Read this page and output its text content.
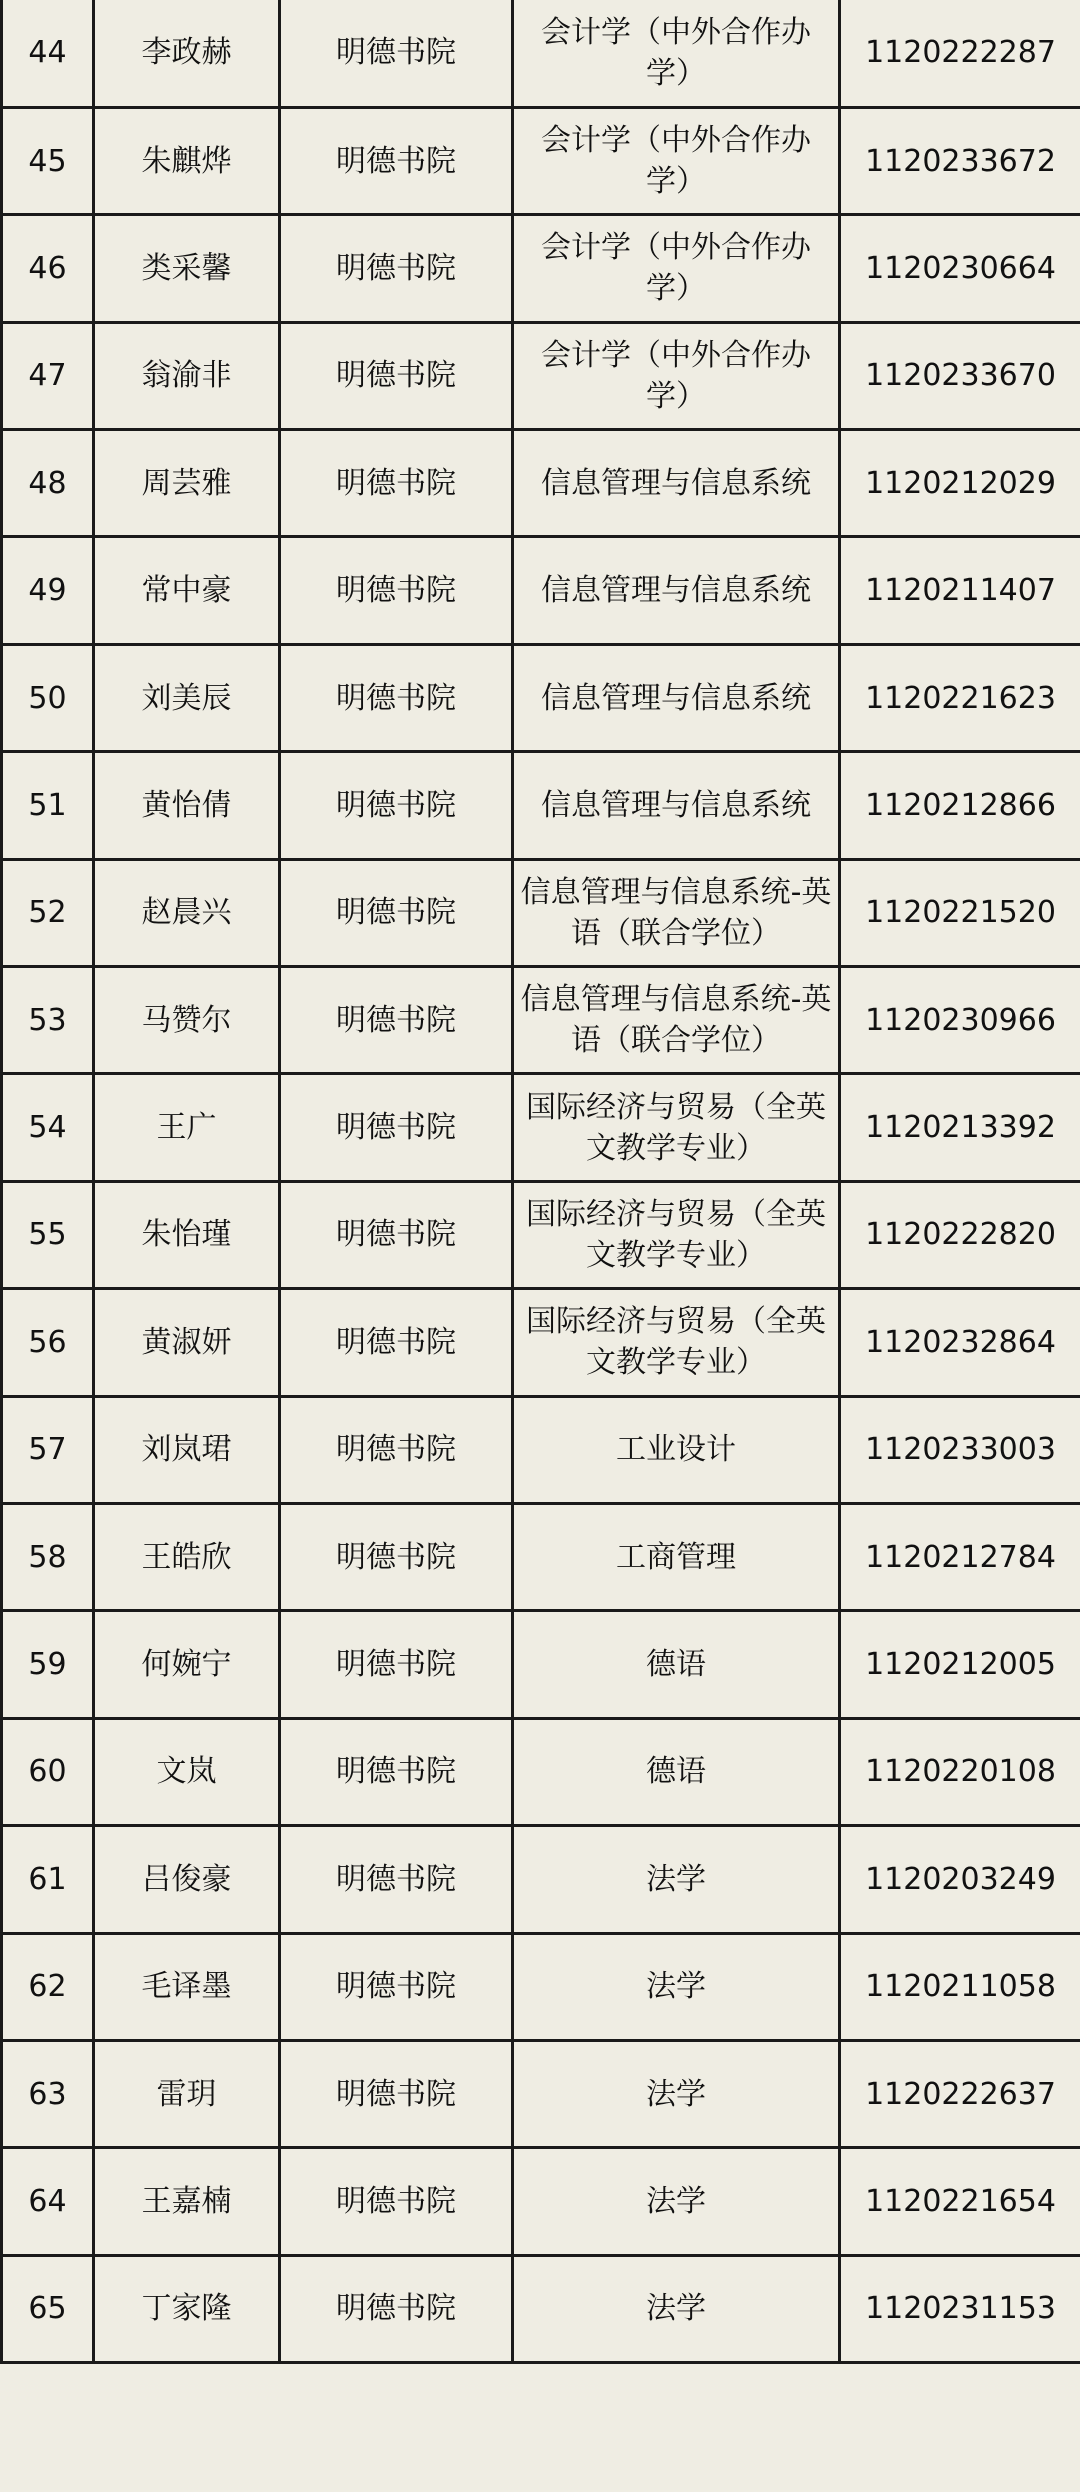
44	李政赫	明德书院	会计学（中外合作办学）	1120222287
45	朱麒烨	明德书院	会计学（中外合作办学）	1120233672
46	类采馨	明德书院	会计学（中外合作办学）	1120230664
47	翁渝非	明德书院	会计学（中外合作办学）	1120233670
48	周芸雅	明德书院	信息管理与信息系统	1120212029
49	常中豪	明德书院	信息管理与信息系统	1120211407
50	刘美辰	明德书院	信息管理与信息系统	1120221623
51	黄怡倩	明德书院	信息管理与信息系统	1120212866
52	赵晨兴	明德书院	信息管理与信息系统-英语（联合学位）	1120221520
53	马赞尔	明德书院	信息管理与信息系统-英语（联合学位）	1120230966
54	王广	明德书院	国际经济与贸易（全英文教学专业）	1120213392
55	朱怡瑾	明德书院	国际经济与贸易（全英文教学专业）	1120222820
56	黄淑妍	明德书院	国际经济与贸易（全英文教学专业）	1120232864
57	刘岚珺	明德书院	工业设计	1120233003
58	王皓欣	明德书院	工商管理	1120212784
59	何婉宁	明德书院	德语	1120212005
60	文岚	明德书院	德语	1120220108
61	吕俊豪	明德书院	法学	1120203249
62	毛译墨	明德书院	法学	1120211058
63	雷玥	明德书院	法学	1120222637
64	王嘉楠	明德书院	法学	1120221654
65	丁家隆	明德书院	法学	1120231153
